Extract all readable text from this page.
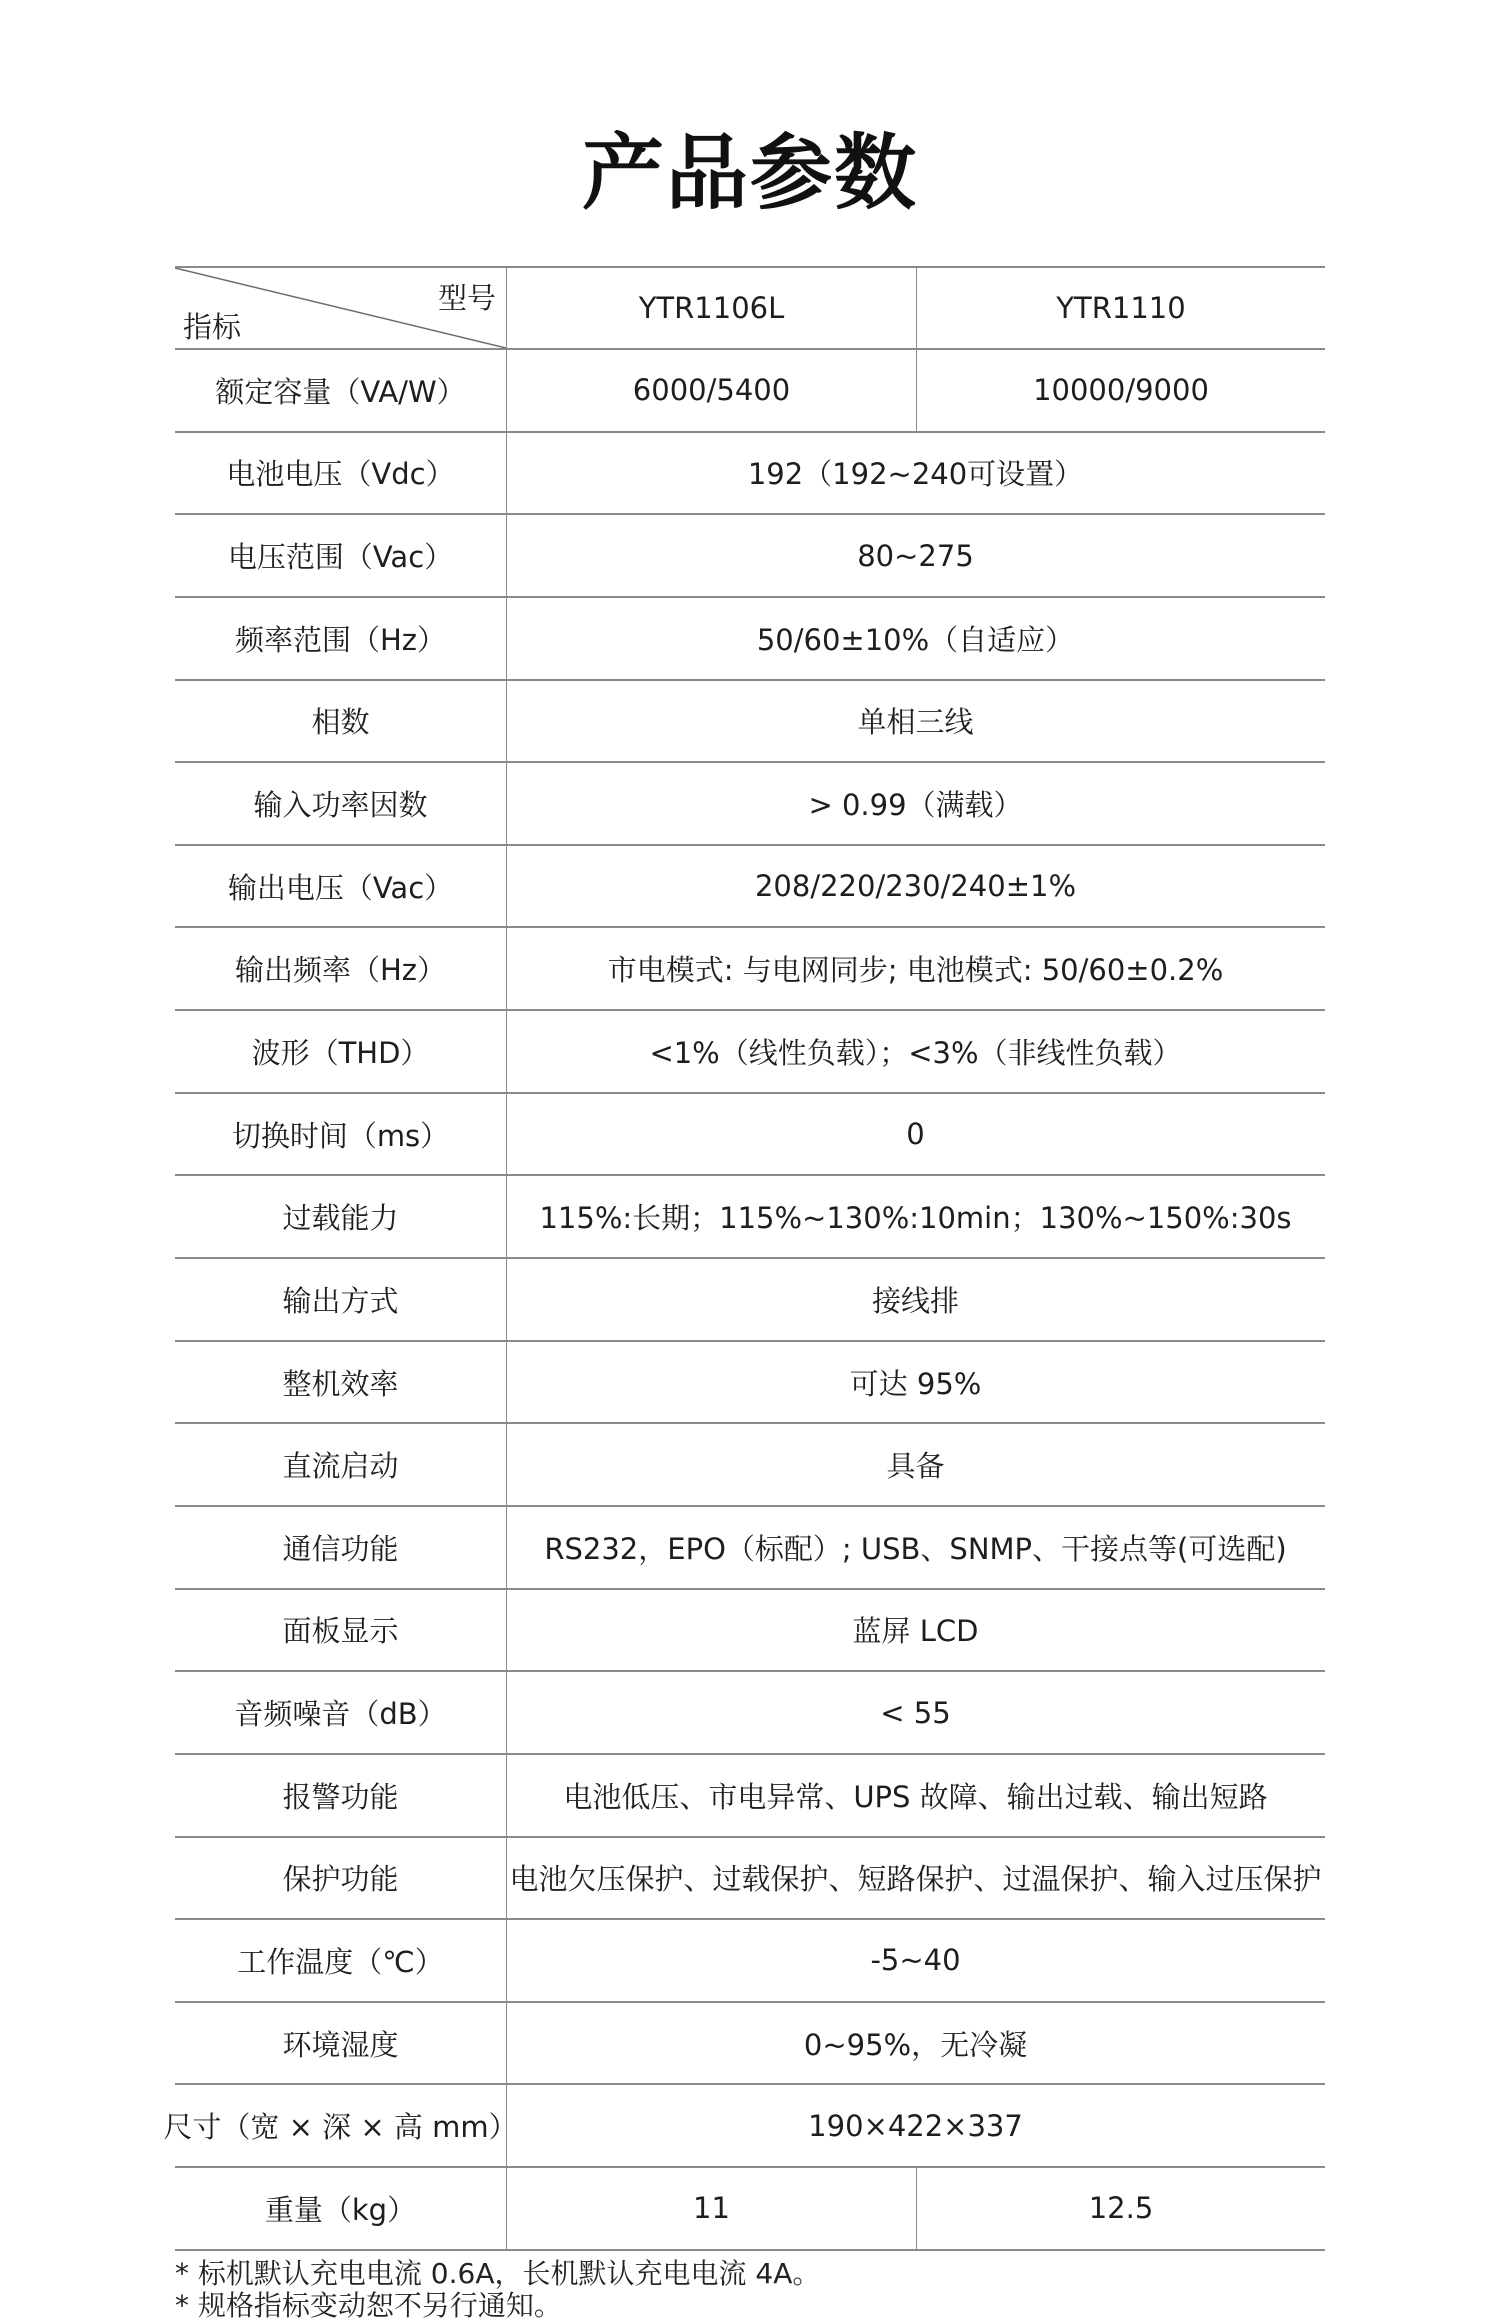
产品参数
型号
指标
YTR1106L	YTR1110
额定容量（VA/W）	6000/5400	10000/9000
电池电压（Vdc）	192（192~240可设置）
电压范围（Vac）	80~275
频率范围（Hz）	50/60±10%（自适应）
相数	单相三线
输入功率因数	> 0.99（满载）
输出电压（Vac）	208/220/230/240±1%
输出频率（Hz）	市电模式: 与电网同步; 电池模式: 50/60±0.2%
波形（THD）	<1%（线性负载）；<3%（非线性负载）
切换时间（ms）	0
过载能力	115%:长期；115%~130%:10min；130%~150%:30s
输出方式	接线排
整机效率	可达 95%
直流启动	具备
通信功能	RS232，EPO（标配）; USB、SNMP、干接点等(可选配)
面板显示	蓝屏 LCD
音频噪音（dB）	< 55
报警功能	电池低压、市电异常、UPS 故障、输出过载、输出短路
保护功能	电池欠压保护、过载保护、短路保护、过温保护、输入过压保护
工作温度（℃）	-5~40
环境湿度	0~95%，无冷凝
尺寸（宽 × 深 × 高 mm）	190×422×337
重量（kg）	11	12.5
* 标机默认充电电流 0.6A，长机默认充电电流 4A。
* 规格指标变动恕不另行通知。
